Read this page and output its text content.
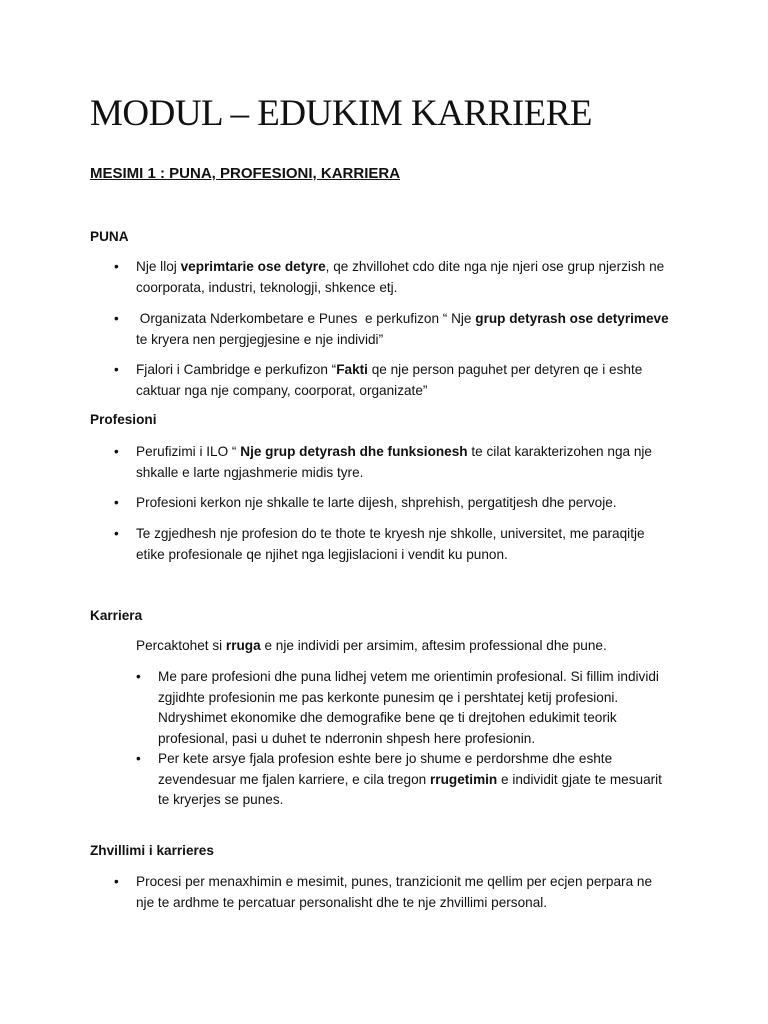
MODUL – EDUKIM KARRIERE
MESIMI 1 : PUNA, PROFESIONI, KARRIERA
PUNA
• Nje lloj veprimtarie ose detyre, qe zhvillohet cdo dite nga nje njeri ose grup njerzish ne
coorporata, industri, teknologji, shkence etj.
• Organizata Nderkombetare e Punes  e perkufizon “ Nje grup detyrash ose detyrimeve
te kryera nen pergjegjesine e nje individi”
• Fjalori i Cambridge e perkufizon “Fakti qe nje person paguhet per detyren qe i eshte
caktuar nga nje company, coorporat, organizate”
Profesioni
• Perufizimi i ILO “ Nje grup detyrash dhe funksionesh te cilat karakterizohen nga nje
shkalle e larte ngjashmerie midis tyre.
• Profesioni kerkon nje shkalle te larte dijesh, shprehish, pergatitjesh dhe pervoje.
• Te zgjedhesh nje profesion do te thote te kryesh nje shkolle, universitet, me paraqitje
etike profesionale qe njihet nga legjislacioni i vendit ku punon.
Karriera
Percaktohet si rruga e nje individi per arsimim, aftesim professional dhe pune.
• Me pare profesioni dhe puna lidhej vetem me orientimin profesional. Si fillim individi
zgjidhte profesionin me pas kerkonte punesim qe i pershtatej ketij profesioni.
Ndryshimet ekonomike dhe demografike bene qe ti drejtohen edukimit teorik
profesional, pasi u duhet te nderronin shpesh here profesionin.
• Per kete arsye fjala profesion eshte bere jo shume e perdorshme dhe eshte
zevendesuar me fjalen karriere, e cila tregon rrugetimin e individit gjate te mesuarit
te kryerjes se punes.
Zhvillimi i karrieres
• Procesi per menaxhimin e mesimit, punes, tranzicionit me qellim per ecjen perpara ne
nje te ardhme te percatuar personalisht dhe te nje zhvillimi personal.
